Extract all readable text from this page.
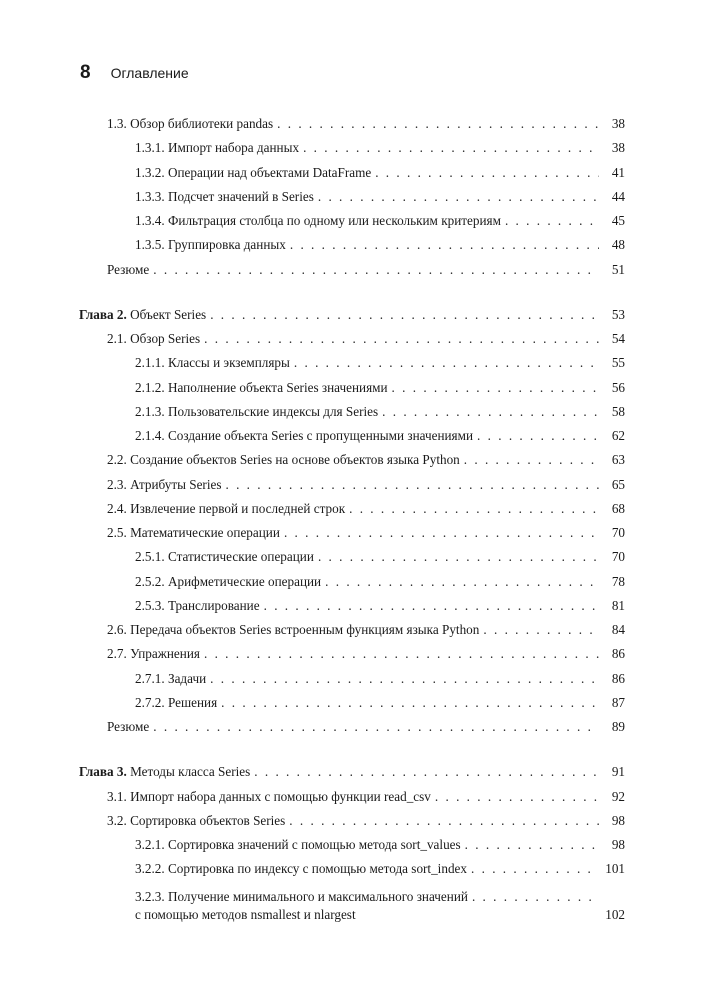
8 Оглавление
1.3. Обзор библиотеки pandas . . .	38
1.3.1. Импорт набора данных . . .	38
1.3.2. Операции над объектами DataFrame . . .	41
1.3.3. Подсчет значений в Series . . .	44
1.3.4. Фильтрация столбца по одному или нескольким критериям . . .	45
1.3.5. Группировка данных . . .	48
Резюме . . .	51
Глава 2. Объект Series . . .	53
2.1. Обзор Series . . .	54
2.1.1. Классы и экземпляры . . .	55
2.1.2. Наполнение объекта Series значениями . . .	56
2.1.3. Пользовательские индексы для Series . . .	58
2.1.4. Создание объекта Series с пропущенными значениями . . .	62
2.2. Создание объектов Series на основе объектов языка Python . . .	63
2.3. Атрибуты Series . . .	65
2.4. Извлечение первой и последней строк . . .	68
2.5. Математические операции . . .	70
2.5.1. Статистические операции . . .	70
2.5.2. Арифметические операции . . .	78
2.5.3. Транслирование . . .	81
2.6. Передача объектов Series встроенным функциям языка Python . . .	84
2.7. Упражнения . . .	86
2.7.1. Задачи . . .	86
2.7.2. Решения . . .	87
Резюме . . .	89
Глава 3. Методы класса Series . . .	91
3.1. Импорт набора данных с помощью функции read_csv . . .	92
3.2. Сортировка объектов Series . . .	98
3.2.1. Сортировка значений с помощью метода sort_values . . .	98
3.2.2. Сортировка по индексу с помощью метода sort_index . . .	101
3.2.3. Получение минимального и максимального значений
с помощью методов nsmallest и nlargest
. . .	102
